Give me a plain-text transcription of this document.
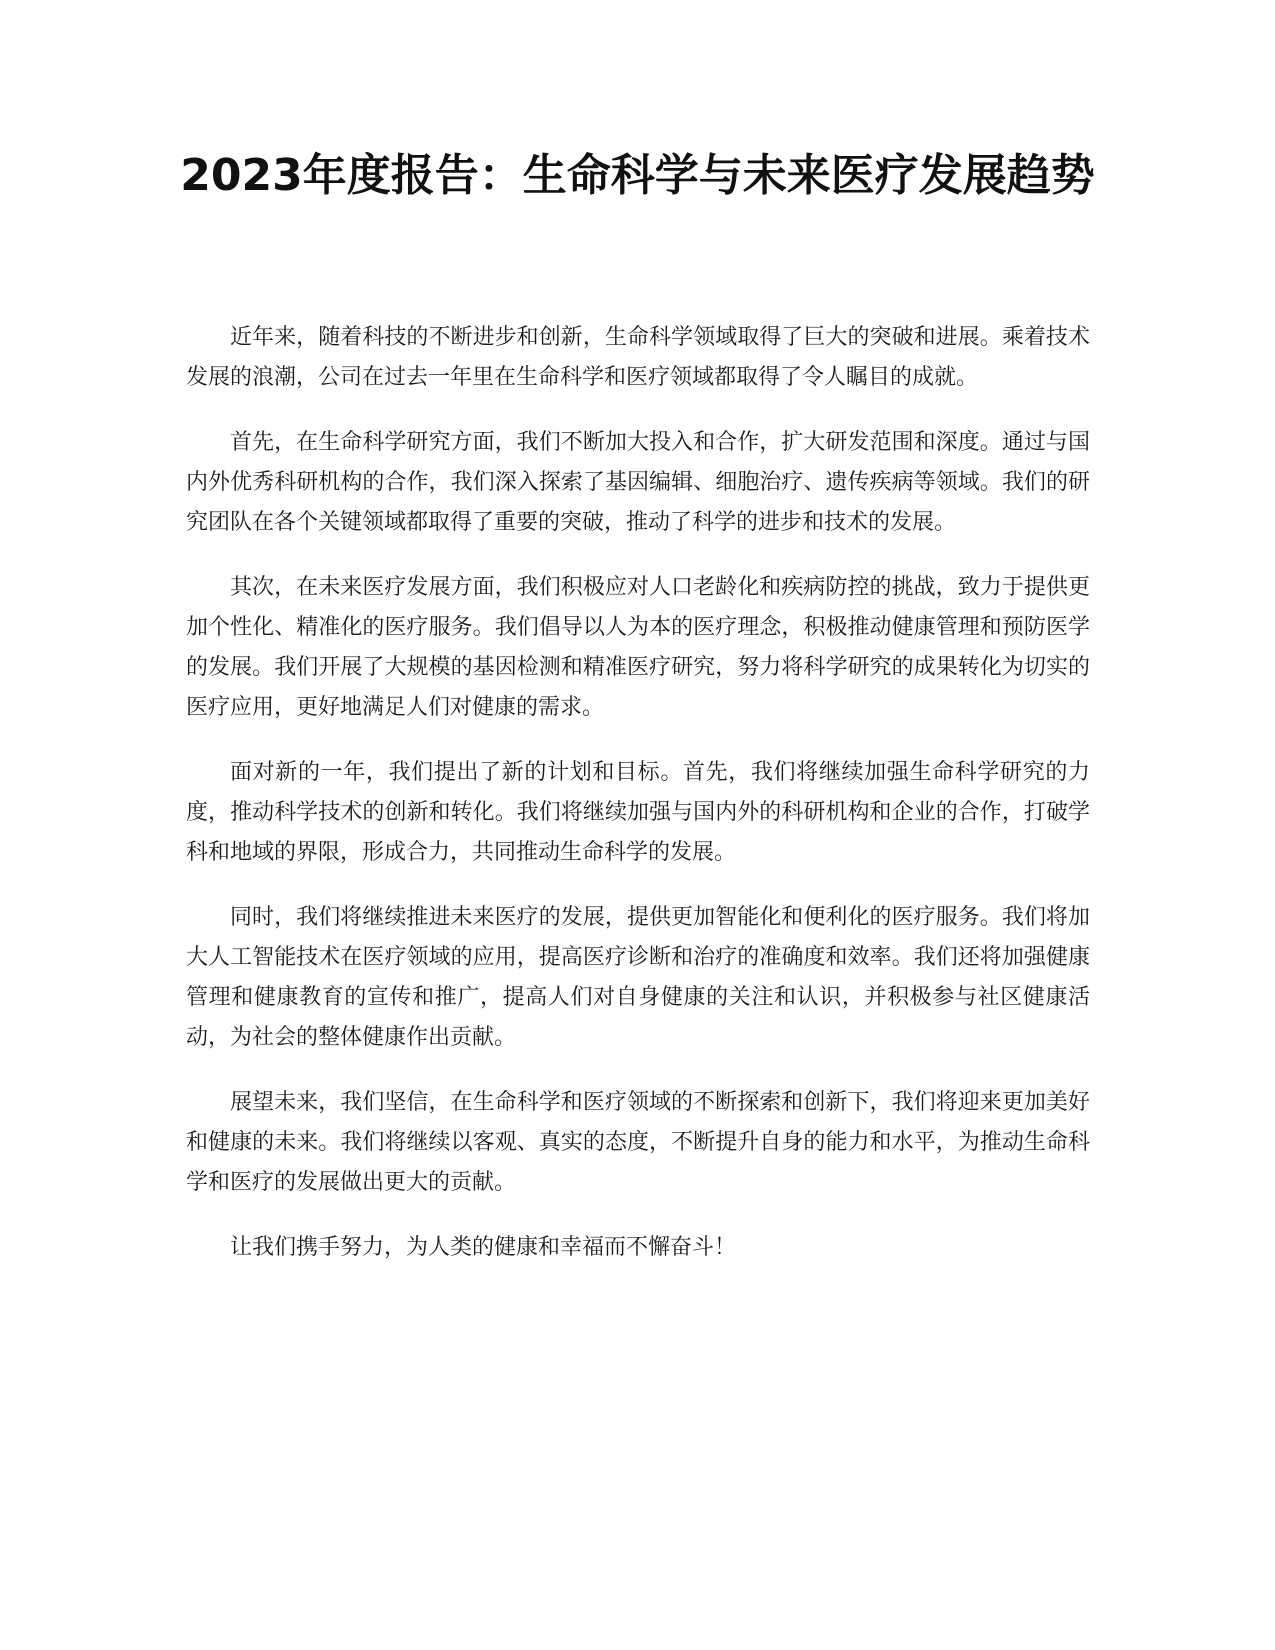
2023年度报告：生命科学与未来医疗发展趋势

近年来，随着科技的不断进步和创新，生命科学领域取得了巨大的突破和进展。乘着技术发展的浪潮，公司在过去一年里在生命科学和医疗领域都取得了令人瞩目的成就。

首先，在生命科学研究方面，我们不断加大投入和合作，扩大研发范围和深度。通过与国内外优秀科研机构的合作，我们深入探索了基因编辑、细胞治疗、遗传疾病等领域。我们的研究团队在各个关键领域都取得了重要的突破，推动了科学的进步和技术的发展。

其次，在未来医疗发展方面，我们积极应对人口老龄化和疾病防控的挑战，致力于提供更加个性化、精准化的医疗服务。我们倡导以人为本的医疗理念，积极推动健康管理和预防医学的发展。我们开展了大规模的基因检测和精准医疗研究，努力将科学研究的成果转化为切实的医疗应用，更好地满足人们对健康的需求。

面对新的一年，我们提出了新的计划和目标。首先，我们将继续加强生命科学研究的力度，推动科学技术的创新和转化。我们将继续加强与国内外的科研机构和企业的合作，打破学科和地域的界限，形成合力，共同推动生命科学的发展。

同时，我们将继续推进未来医疗的发展，提供更加智能化和便利化的医疗服务。我们将加大人工智能技术在医疗领域的应用，提高医疗诊断和治疗的准确度和效率。我们还将加强健康管理和健康教育的宣传和推广，提高人们对自身健康的关注和认识，并积极参与社区健康活动，为社会的整体健康作出贡献。

展望未来，我们坚信，在生命科学和医疗领域的不断探索和创新下，我们将迎来更加美好和健康的未来。我们将继续以客观、真实的态度，不断提升自身的能力和水平，为推动生命科学和医疗的发展做出更大的贡献。

让我们携手努力，为人类的健康和幸福而不懈奋斗！
